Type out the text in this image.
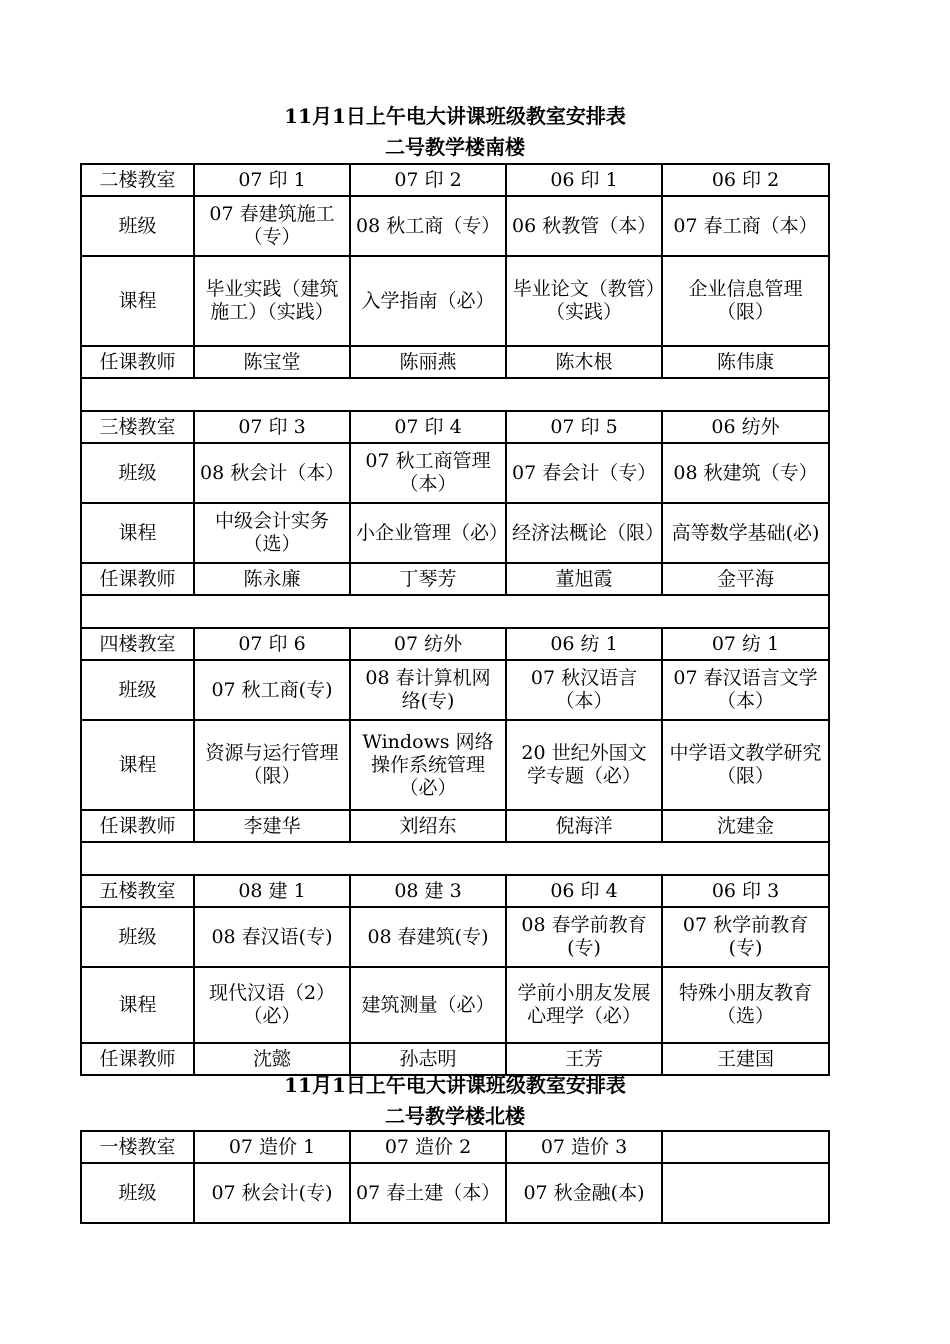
11月1日上午电大讲课班级教室安排表
二号教学楼南楼
二楼教室	07 印 1	07 印 2	06 印 1	06 印 2
班级	07 春建筑施工（专）	08 秋工商（专）	06 秋教管（本）	07 春工商（本）
课程	毕业实践（建筑施工）（实践）	入学指南（必）	毕业论文（教管）（实践）	企业信息管理（限）
任课教师	陈宝堂	陈丽燕	陈木根	陈伟康

三楼教室	07 印 3	07 印 4	07 印 5	06 纺外
班级	08 秋会计（本）	07 秋工商管理（本）	07 春会计（专）	08 秋建筑（专）
课程	中级会计实务（选）	小企业管理（必）	经济法概论（限）	高等数学基础(必)
任课教师	陈永廉	丁琴芳	董旭霞	金平海

四楼教室	07 印 6	07 纺外	06 纺 1	07 纺 1
班级	07 秋工商(专)	08 春计算机网络(专)	07 秋汉语言（本）	07 春汉语言文学（本）
课程	资源与运行管理（限）	Windows 网络操作系统管理（必）	20 世纪外国文学专题（必）	中学语文教学研究（限）
任课教师	李建华	刘绍东	倪海洋	沈建金

五楼教室	08 建 1	08 建 3	06 印 4	06 印 3
班级	08 春汉语(专)	08 春建筑(专)	08 春学前教育(专)	07 秋学前教育(专)
课程	现代汉语（2）（必）	建筑测量（必）	学前小朋友发展心理学（必）	特殊小朋友教育（选）
任课教师	沈懿	孙志明	王芳	王建国
11月1日上午电大讲课班级教室安排表
二号教学楼北楼
一楼教室	07 造价 1	07 造价 2	07 造价 3	
班级	07 秋会计(专)	07 春土建（本）	07 秋金融(本)	
